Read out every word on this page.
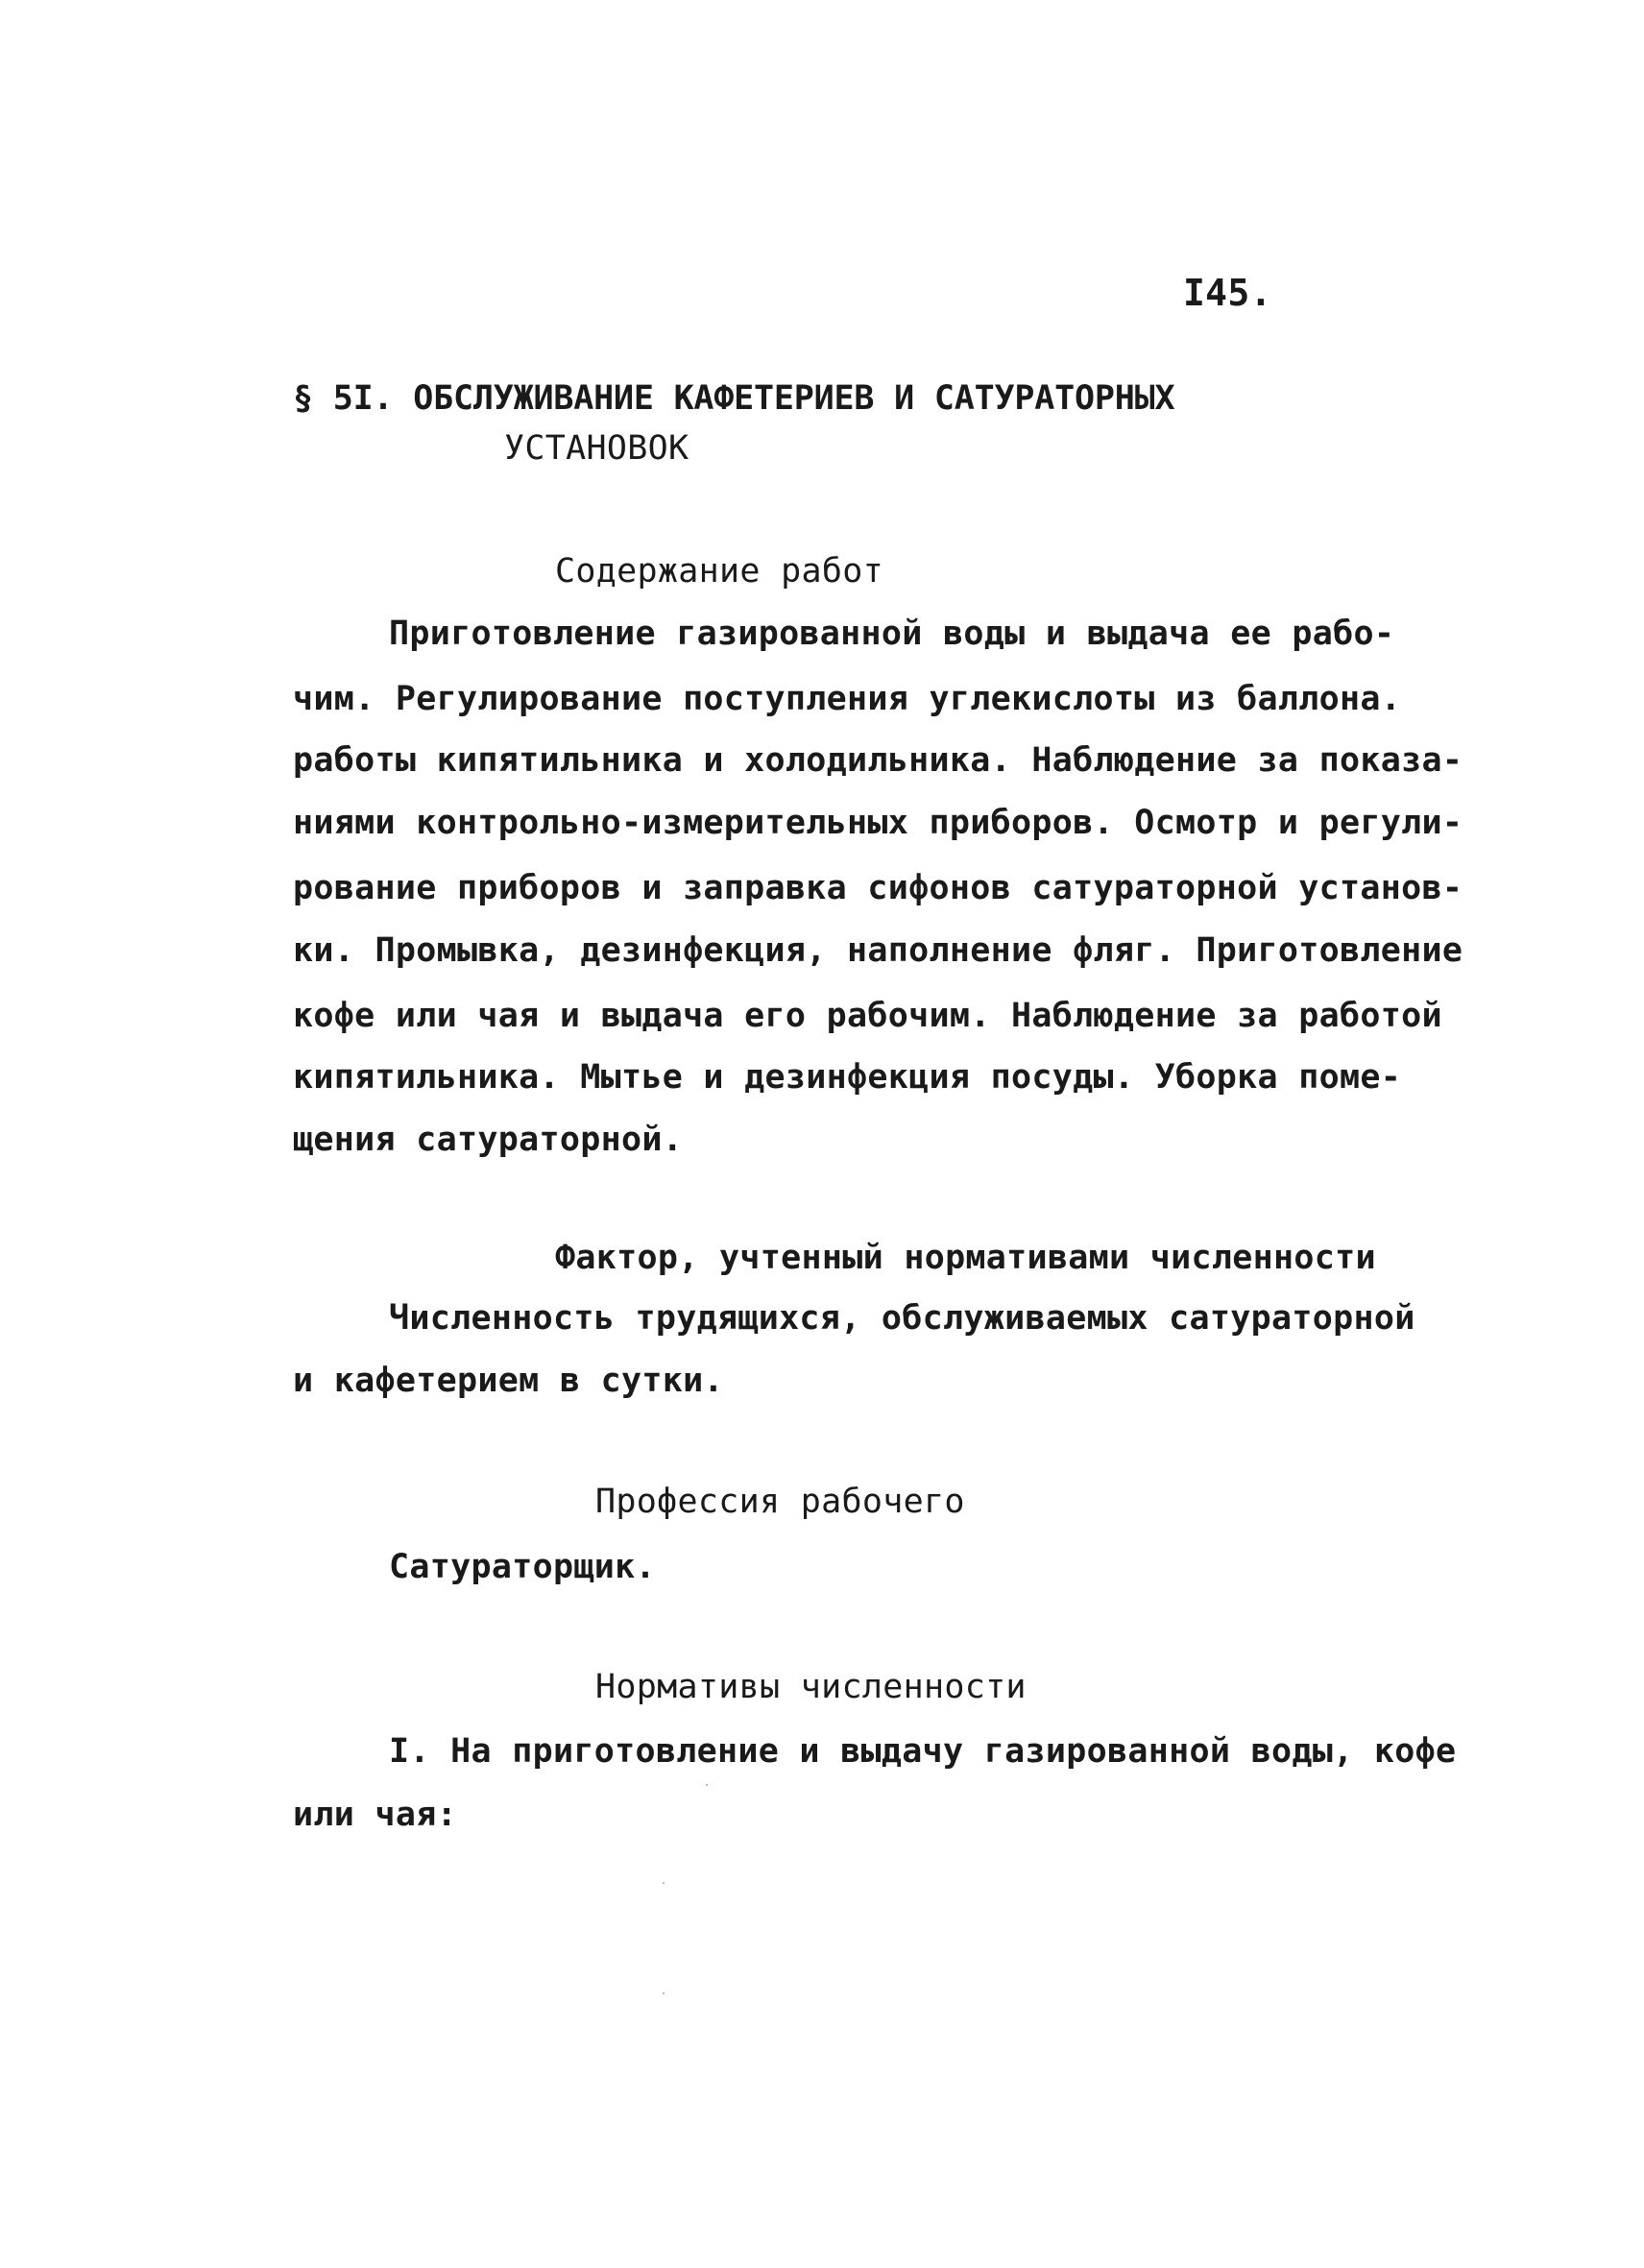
I45.
§ 5I. ОБСЛУЖИВАНИЕ КАФЕТЕРИЕВ И САТУРАТОРНЫХ
УСТАНОВОК
Содержание работ
Приготовление газированной воды и выдача ее рабо-
чим. Регулирование поступления углекислоты из баллона.
работы кипятильника и холодильника. Наблюдение за показа-
ниями контрольно-измерительных приборов. Осмотр и регули-
рование приборов и заправка сифонов сатураторной установ-
ки. Промывка, дезинфекция, наполнение фляг. Приготовление
кофе или чая и выдача его рабочим. Наблюдение за работой
кипятильника. Мытье и дезинфекция посуды. Уборка поме-
щения сатураторной.
Фактор, учтенный нормативами численности
Численность трудящихся, обслуживаемых сатураторной
и кафетерием в сутки.
Профессия рабочего
Сатураторщик.
Нормативы численности
I. На приготовление и выдачу газированной воды, кофе
или чая:
